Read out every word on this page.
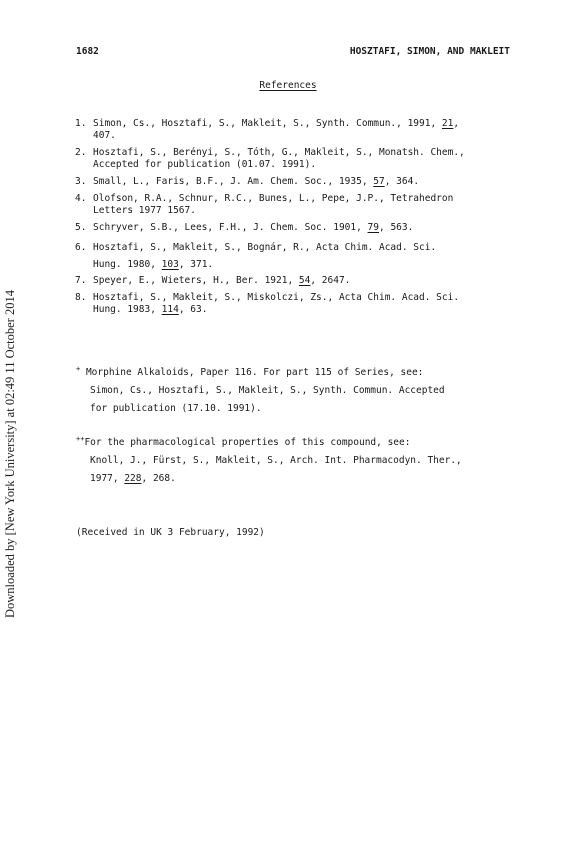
Downloaded by [New York University] at 02:49 11 October 2014
1682	HOSZTAFI, SIMON, AND MAKLEIT
References
1. Simon, Cs., Hosztafi, S., Makleit, S., Synth. Commun., 1991, 21,
407.
2. Hosztafi, S., Berényi, S., Tóth, G., Makleit, S., Monatsh. Chem.,
Accepted for publication (01.07. 1991).
3. Small, L., Faris, B.F., J. Am. Chem. Soc., 1935, 57, 364.
4. Olofson, R.A., Schnur, R.C., Bunes, L., Pepe, J.P., Tetrahedron
Letters 1977 1567.
5. Schryver, S.B., Lees, F.H., J. Chem. Soc. 1901, 79, 563.
6. Hosztafi, S., Makleit, S., Bognár, R., Acta Chim. Acad. Sci.
Hung. 1980, 103, 371.
7. Speyer, E., Wieters, H., Ber. 1921, 54, 2647.
8. Hosztafi, S., Makleit, S., Miskolczi, Zs., Acta Chim. Acad. Sci.
Hung. 1983, 114, 63.
+ Morphine Alkaloids, Paper 116. For part 115 of Series, see:
Simon, Cs., Hosztafi, S., Makleit, S., Synth. Commun. Accepted
for publication (17.10. 1991).
++For the pharmacological properties of this compound, see:
Knoll, J., Fürst, S., Makleit, S., Arch. Int. Pharmacodyn. Ther.,
1977, 228, 268.
(Received in UK 3 February, 1992)
